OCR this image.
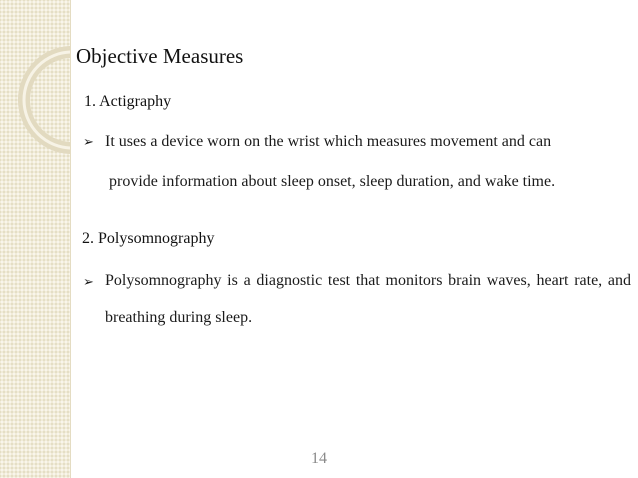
Objective Measures
1. Actigraphy
➢ It uses a device worn on the wrist which measures movement and can
provide information about sleep onset, sleep duration, and wake time.
2. Polysomnography
➢ Polysomnography is a diagnostic test that monitors brain waves, heart rate, and breathing during sleep.
14
